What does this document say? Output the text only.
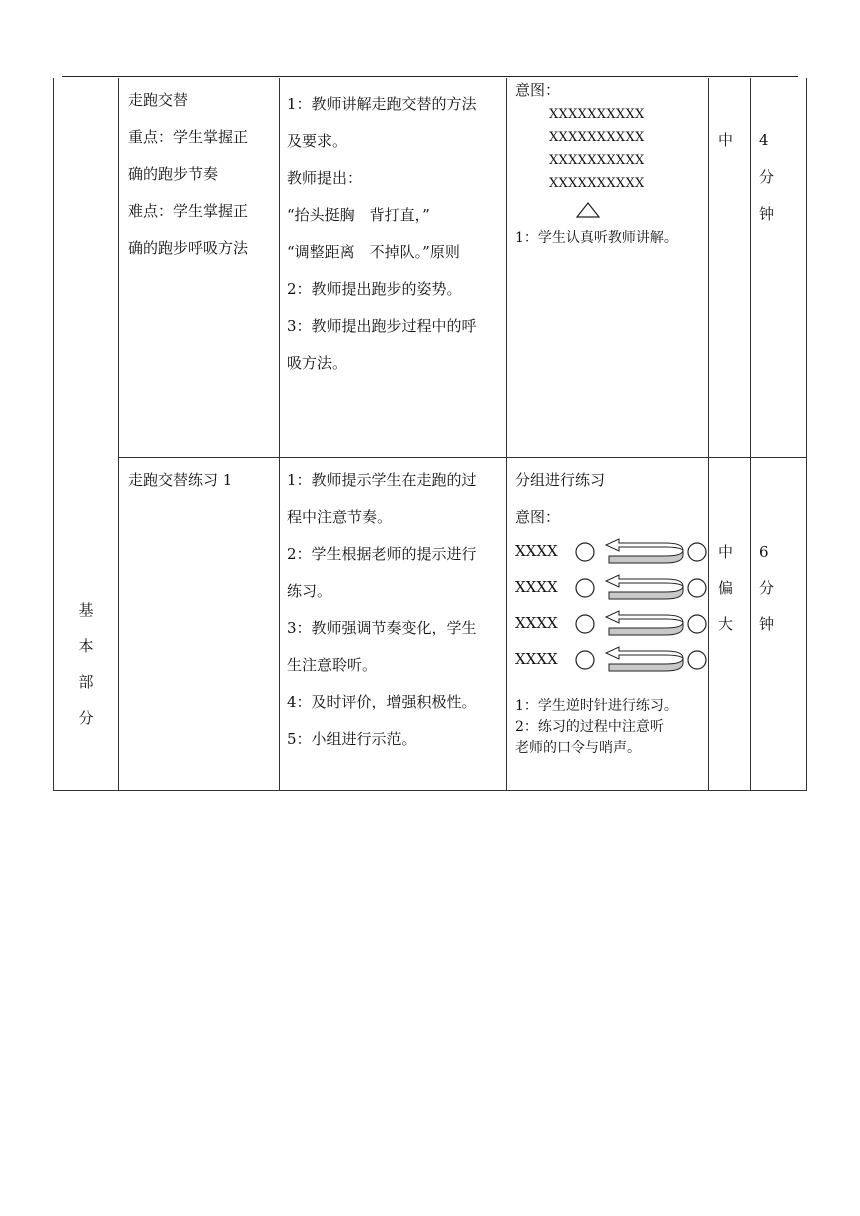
基
本
部
分
走跑交替
重点：学生掌握正
确的跑步节奏
难点：学生掌握正
确的跑步呼吸方法
1：教师讲解走跑交替的方法
及要求。
教师提出：
“抬头挺胸　背打直，”
“调整距离　不掉队。”原则
2：教师提出跑步的姿势。
3：教师提出跑步过程中的呼
吸方法。
意图：
XXXXXXXXXX
XXXXXXXXXX
XXXXXXXXXX
XXXXXXXXXX
1：学生认真听教师讲解。
中 4
分
钟
走跑交替练习 1	1：教师提示学生在走跑的过
程中注意节奏。
2：学生根据老师的提示进行
练习。
3：教师强调节奏变化，学生
生注意聆听。
4：及时评价，增强积极性。
5：小组进行示范。
分组进行练习
意图：
XXXX
XXXX
XXXX
XXXX
1：学生逆时针进行练习。
2：练习的过程中注意听
老师的口令与哨声。
中
偏
大
6
分
钟
